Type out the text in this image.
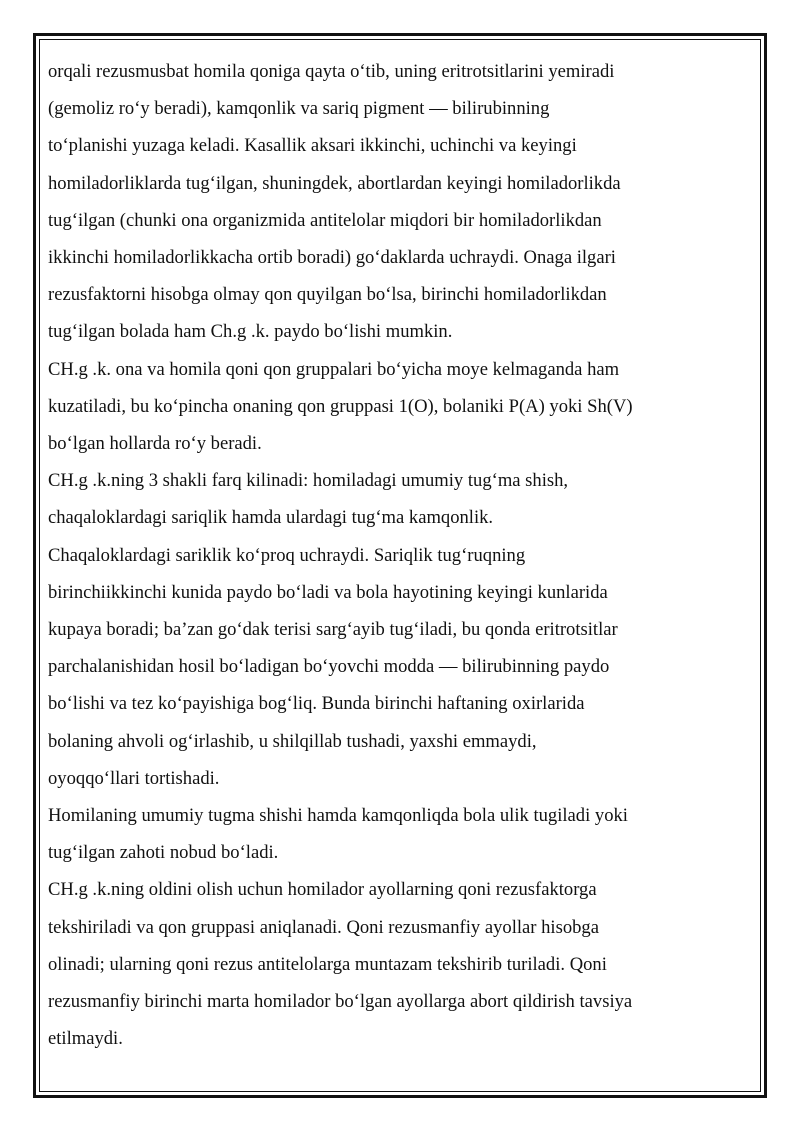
orqali rezusmusbat homila qoniga qayta o‘tib, uning eritrotsitlarini yemiradi
(gemoliz ro‘y beradi), kamqonlik va sariq pigment — bilirubinning
to‘planishi yuzaga keladi. Kasallik aksari ikkinchi, uchinchi va keyingi
homiladorliklarda tug‘ilgan, shuningdek, abortlardan keyingi homiladorlikda
tug‘ilgan (chunki ona organizmida antitelolar miqdori bir homiladorlikdan
ikkinchi homiladorlikkacha ortib boradi) go‘daklarda uchraydi. Onaga ilgari
rezusfaktorni hisobga olmay qon quyilgan bo‘lsa, birinchi homiladorlikdan
tug‘ilgan bolada ham Ch.g .k. paydo bo‘lishi mumkin.
CH.g .k. ona va homila qoni qon gruppalari bo‘yicha moye kelmaganda ham
kuzatiladi, bu ko‘pincha onaning qon gruppasi 1(O), bolaniki P(A) yoki Sh(V)
bo‘lgan hollarda ro‘y beradi.
CH.g .k.ning 3 shakli farq kilinadi: homiladagi umumiy tug‘ma shish,
chaqaloklardagi sariqlik hamda ulardagi tug‘ma kamqonlik.
Chaqaloklardagi sariklik ko‘proq uchraydi. Sariqlik tug‘ruqning
birinchiikkinchi kunida paydo bo‘ladi va bola hayotining keyingi kunlarida
kupaya boradi; ba’zan go‘dak terisi sarg‘ayib tug‘iladi, bu qonda eritrotsitlar
parchalanishidan hosil bo‘ladigan bo‘yovchi modda — bilirubinning paydo
bo‘lishi va tez ko‘payishiga bog‘liq. Bunda birinchi haftaning oxirlarida
bolaning ahvoli og‘irlashib, u shilqillab tushadi, yaxshi emmaydi,
oyoqqo‘llari tortishadi.
Homilaning umumiy tugma shishi hamda kamqonliqda bola ulik tugiladi yoki
tug‘ilgan zahoti nobud bo‘ladi.
CH.g .k.ning oldini olish uchun homilador ayollarning qoni rezusfaktorga
tekshiriladi va qon gruppasi aniqlanadi. Qoni rezusmanfiy ayollar hisobga
olinadi; ularning qoni rezus antitelolarga muntazam tekshirib turiladi. Qoni
rezusmanfiy birinchi marta homilador bo‘lgan ayollarga abort qildirish tavsiya
etilmaydi.
